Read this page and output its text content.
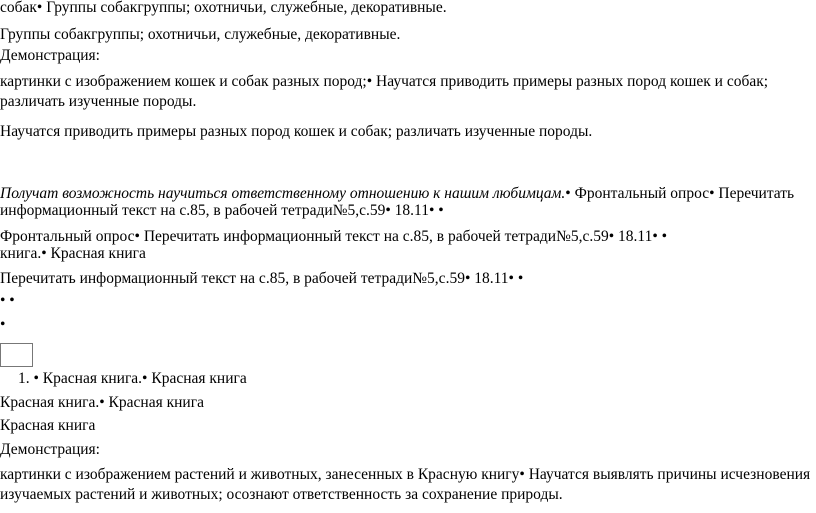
собак• Группы собакгруппы; охотничьи, служебные, декоративные.
Группы собакгруппы; охотничьи, служебные, декоративные.
Демонстрация:
картинки с изображением кошек и собак разных пород;• Научатся приводить примеры разных пород кошек и собак;
различать изученные породы.
Научатся приводить примеры разных пород кошек и собак; различать изученные породы.
Получат возможность научиться ответственному отношению к нашим любимцам.• Фронтальный опрос• Перечитать
информационный текст на с.85, в рабочей тетради№5,с.59• 18.11• •
Фронтальный опрос• Перечитать информационный текст на с.85, в рабочей тетради№5,с.59• 18.11• •
книга.• Красная книга
Перечитать информационный текст на с.85, в рабочей тетради№5,с.59• 18.11• •
• •
•
1. • Красная книга.• Красная книга
Красная книга.• Красная книга
Красная книга
Демонстрация:
картинки с изображением растений и животных, занесенных в Красную книгу• Научатся выявлять причины исчезновения
изучаемых растений и животных; осознают ответственность за сохранение природы.
